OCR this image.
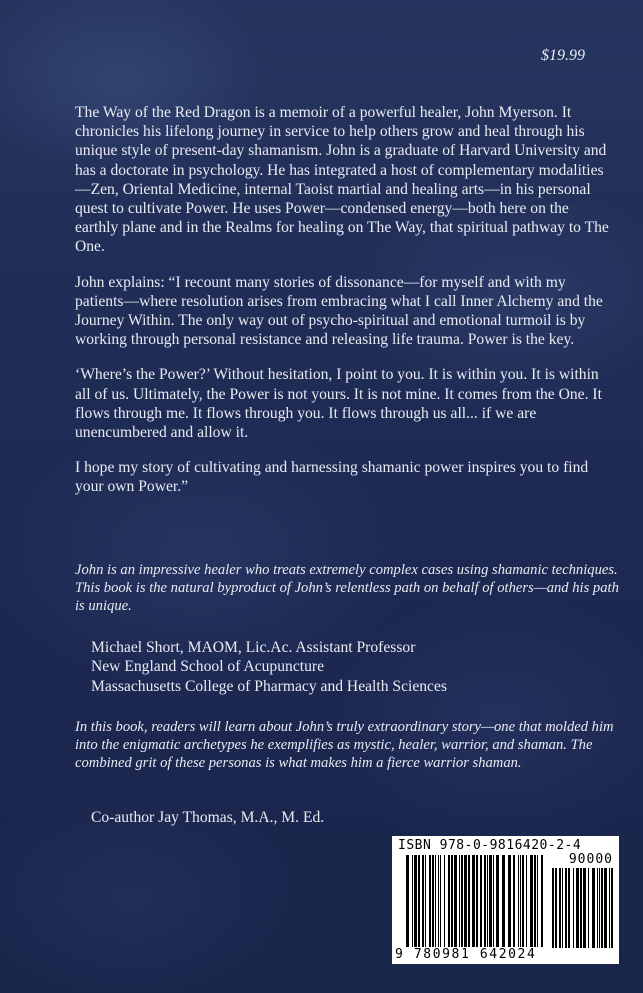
$19.99

The Way of the Red Dragon is a memoir of a powerful healer, John Myerson. It chronicles his lifelong journey in service to help others grow and heal through his unique style of present-day shamanism. John is a graduate of Harvard University and has a doctorate in psychology. He has integrated a host of complementary modalities—Zen, Oriental Medicine, internal Taoist martial and healing arts—in his personal quest to cultivate Power. He uses Power—condensed energy—both here on the earthly plane and in the Realms for healing on The Way, that spiritual pathway to The One.

John explains: “I recount many stories of dissonance—for myself and with my patients—where resolution arises from embracing what I call Inner Alchemy and the Journey Within. The only way out of psycho-spiritual and emotional turmoil is by working through personal resistance and releasing life trauma. Power is the key.

‘Where’s the Power?’ Without hesitation, I point to you. It is within you. It is within all of us. Ultimately, the Power is not yours. It is not mine. It comes from the One. It flows through me. It flows through you. It flows through us all... if we are unencumbered and allow it.

I hope my story of cultivating and harnessing shamanic power inspires you to find your own Power.”

John is an impressive healer who treats extremely complex cases using shamanic techniques. This book is the natural byproduct of John’s relentless path on behalf of others—and his path is unique.
Michael Short, MAOM, Lic.Ac. Assistant Professor
New England School of Acupuncture
Massachusetts College of Pharmacy and Health Sciences
In this book, readers will learn about John’s truly extraordinary story—one that molded him into the enigmatic archetypes he exemplifies as mystic, healer, warrior, and shaman. The combined grit of these personas is what makes him a fierce warrior shaman.
Co-author Jay Thomas, M.A., M. Ed.
ISBN 978-0-9816420-2-4
90000
9 780981 642024
